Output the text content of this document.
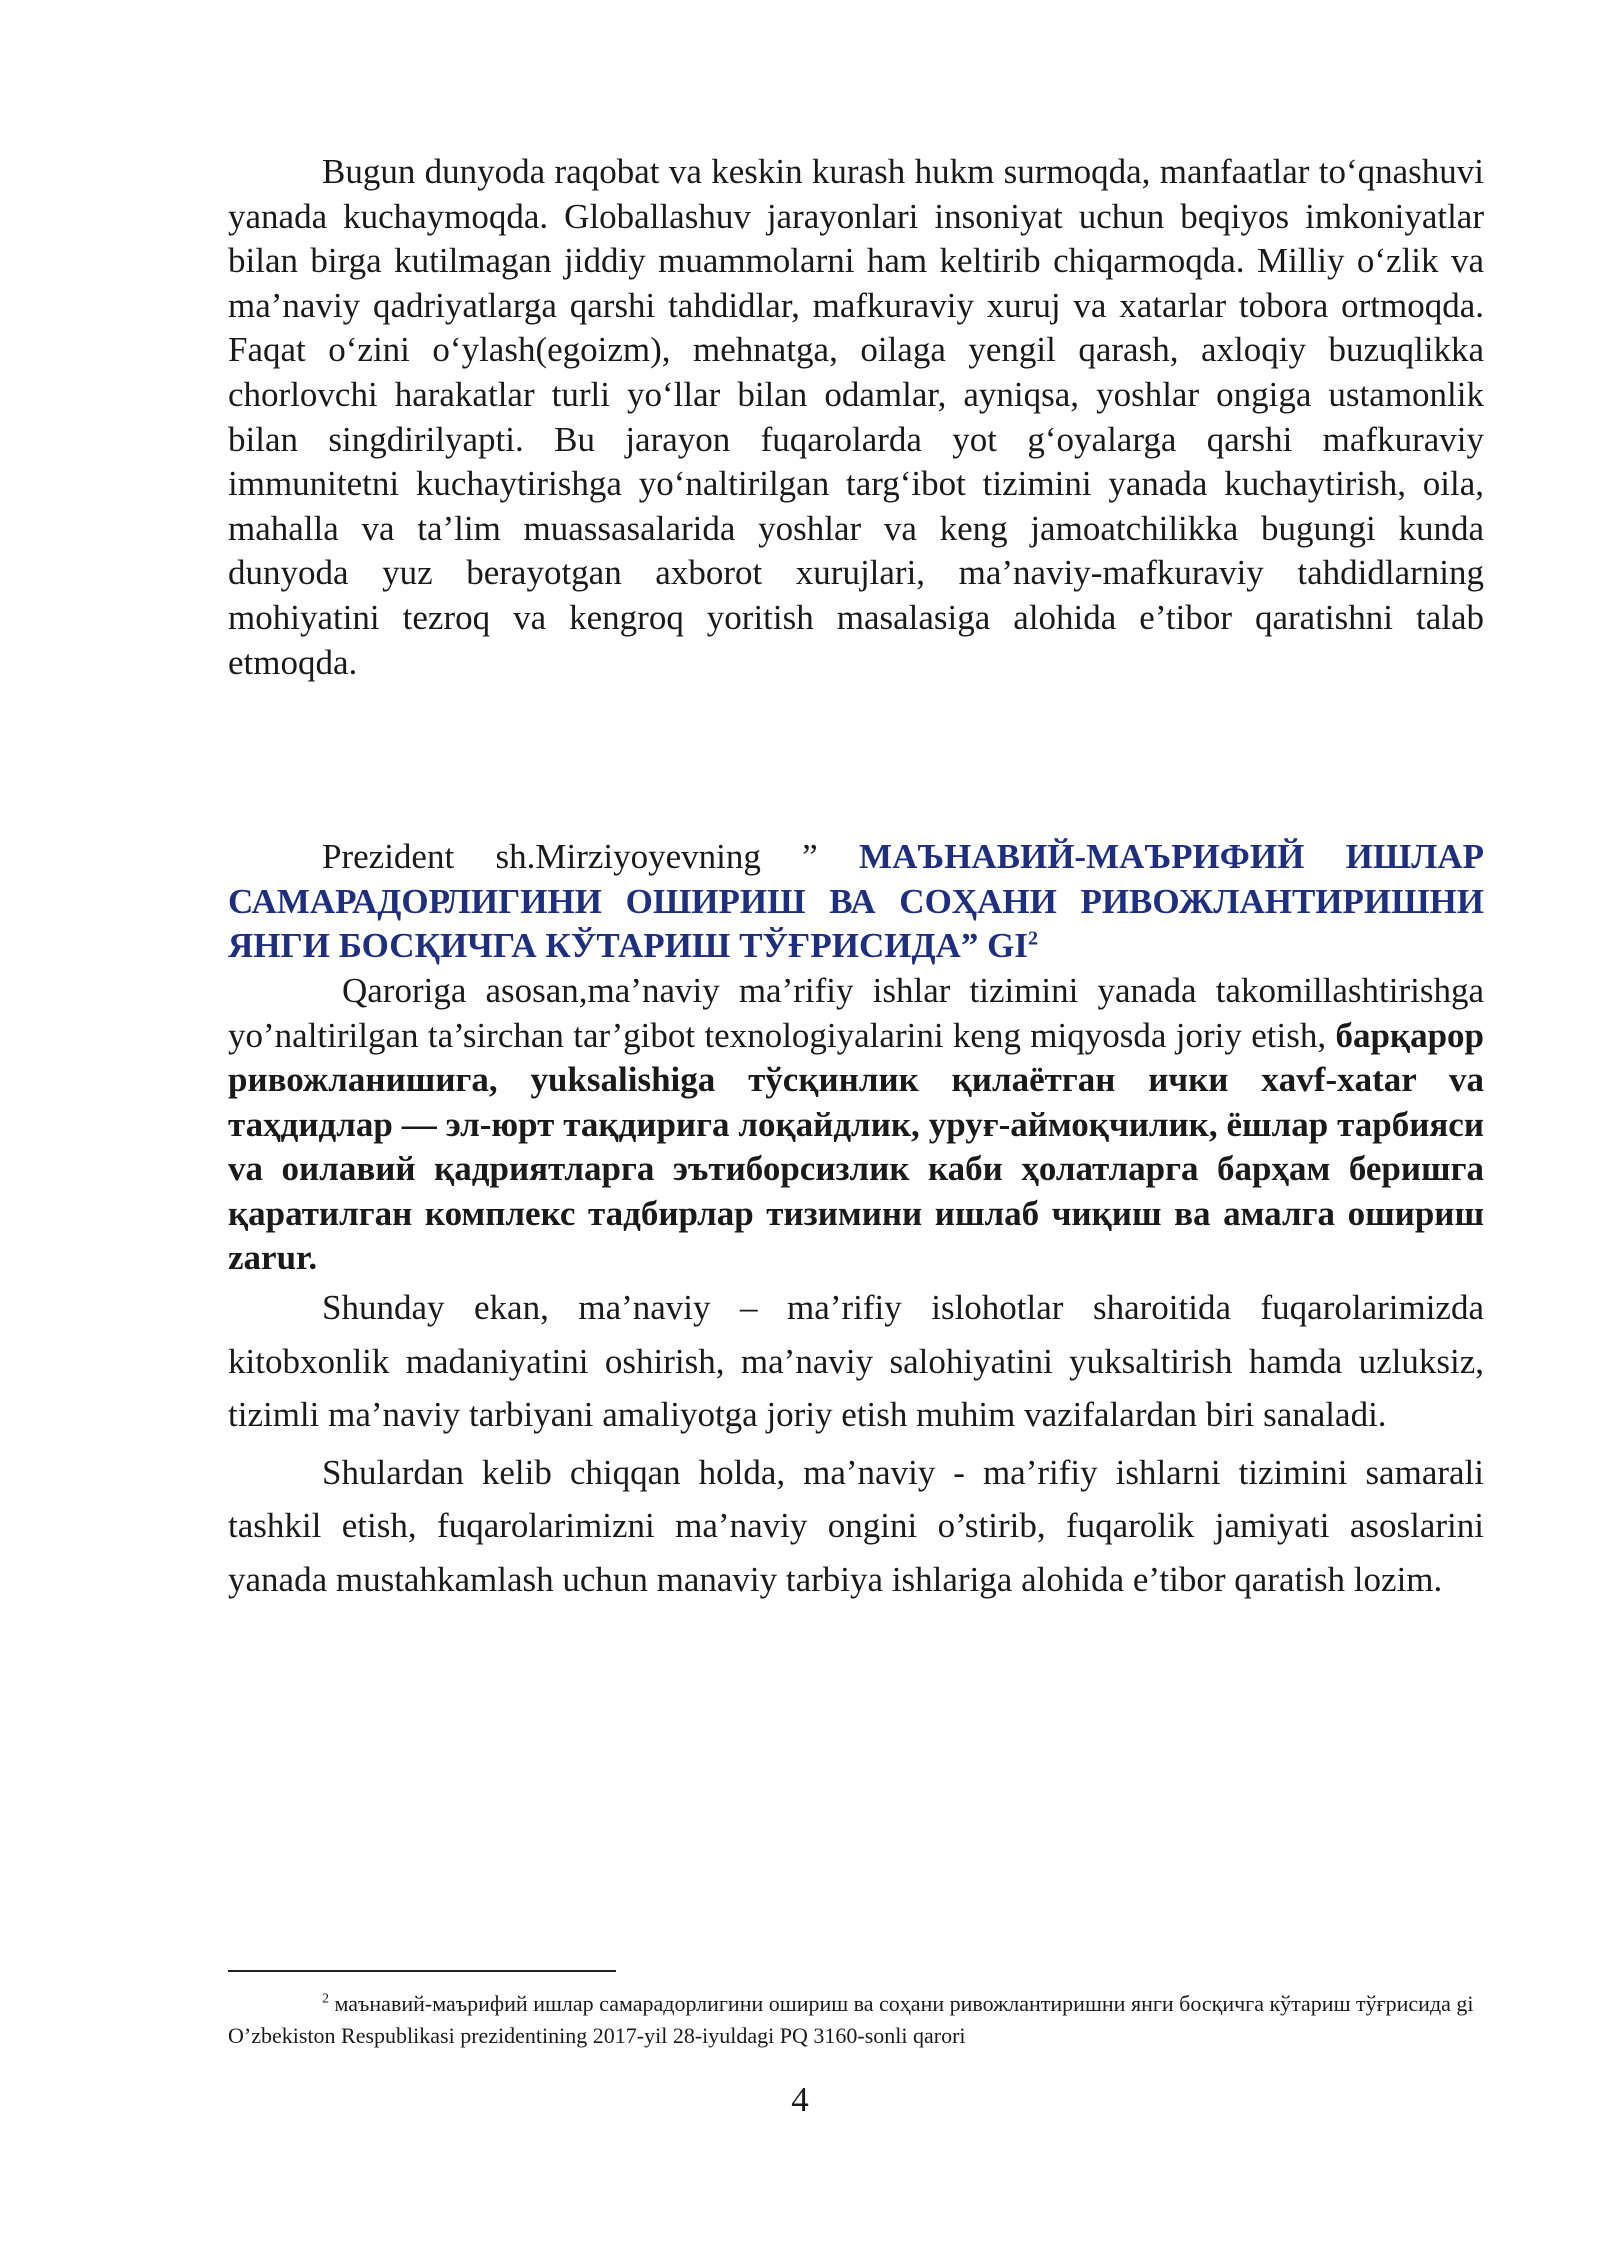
Bugun dunyoda raqobat va keskin kurash hukm surmoqda, manfaatlar to‘qnashuvi yanada kuchaymoqda. Globallashuv jarayonlari insoniyat uchun beqiyos imkoniyatlar bilan birga kutilmagan jiddiy muammolarni ham keltirib chiqarmoqda. Milliy o‘zlik va ma’naviy qadriyatlarga qarshi tahdidlar, mafkuraviy xuruj va xatarlar tobora ortmoqda. Faqat o‘zini o‘ylash(egoizm), mehnatga, oilaga yengil qarash, axloqiy buzuqlikka chorlovchi harakatlar turli yo‘llar bilan odamlar, ayniqsa, yoshlar ongiga ustamonlik bilan singdirilyapti. Bu jarayon fuqarolarda yot g‘oyalarga qarshi mafkuraviy immunitetni kuchaytirishga yo‘naltirilgan targ‘ibot tizimini yanada kuchaytirish, oila, mahalla va ta’lim muassasalarida yoshlar va keng jamoatchilikka bugungi kunda dunyoda yuz berayotgan axborot xurujlari, ma’naviy-mafkuraviy tahdidlarning mohiyatini tezroq va kengroq yoritish masalasiga alohida e’tibor qaratishni talab etmoqda.

Prezident sh.Mirziyoyevning ” МАЪНАВИЙ-МАЪРИФИЙ ИШЛАР САМАРАДОРЛИГИНИ ОШИРИШ ВА СОҲАНИ РИВОЖЛАНТИРИШНИ ЯНГИ БОСҚИЧГА КЎТАРИШ ТЎҒРИСИДА” $GI^2$

Qaroriga asosan,ma’naviy ma’rifiy ishlar tizimini yanada takomillashtirishga yo’naltirilgan ta’sirchan tar’gibot texnologiyalarini keng miqyosda joriy etish, барқарор ривожланишига, yuksalishiga тўсқинлик қилаётган ички xavf-xatar va таҳдидлар — эл-юрт тақдирига лоқайдлик, уруғ-аймоқчилик, ёшлар тарбияси va оилавий қадриятларга эътиборсизлик каби ҳолатларга барҳам беришга қаратилган комплекс тадбирлар тизимини ишлаб чиқиш ва амалга ошириш zarur.

Shunday ekan, ma’naviy – ma’rifiy islohotlar sharoitida fuqarolarimizda kitobxonlik madaniyatini oshirish, ma’naviy salohiyatini yuksaltirish hamda uzluksiz, tizimli ma’naviy tarbiyani amaliyotga joriy etish muhim vazifalardan biri sanaladi.

Shulardan kelib chiqqan holda, ma’naviy - ma’rifiy ishlarni tizimini samarali tashkil etish, fuqarolarimizni ma’naviy ongini o’stirib, fuqarolik jamiyati asoslarini yanada mustahkamlash uchun manaviy tarbiya ishlariga alohida e’tibor qaratish lozim.

$^2$ маънавий-маърифий ишлар самарадорлигини ошириш ва соҳани ривожлантиришни янги босқичга кўтариш тўғрисида gi O’zbekiston Respublikasi prezidentining 2017-yil 28-iyuldagi PQ 3160-sonli qarori
4
